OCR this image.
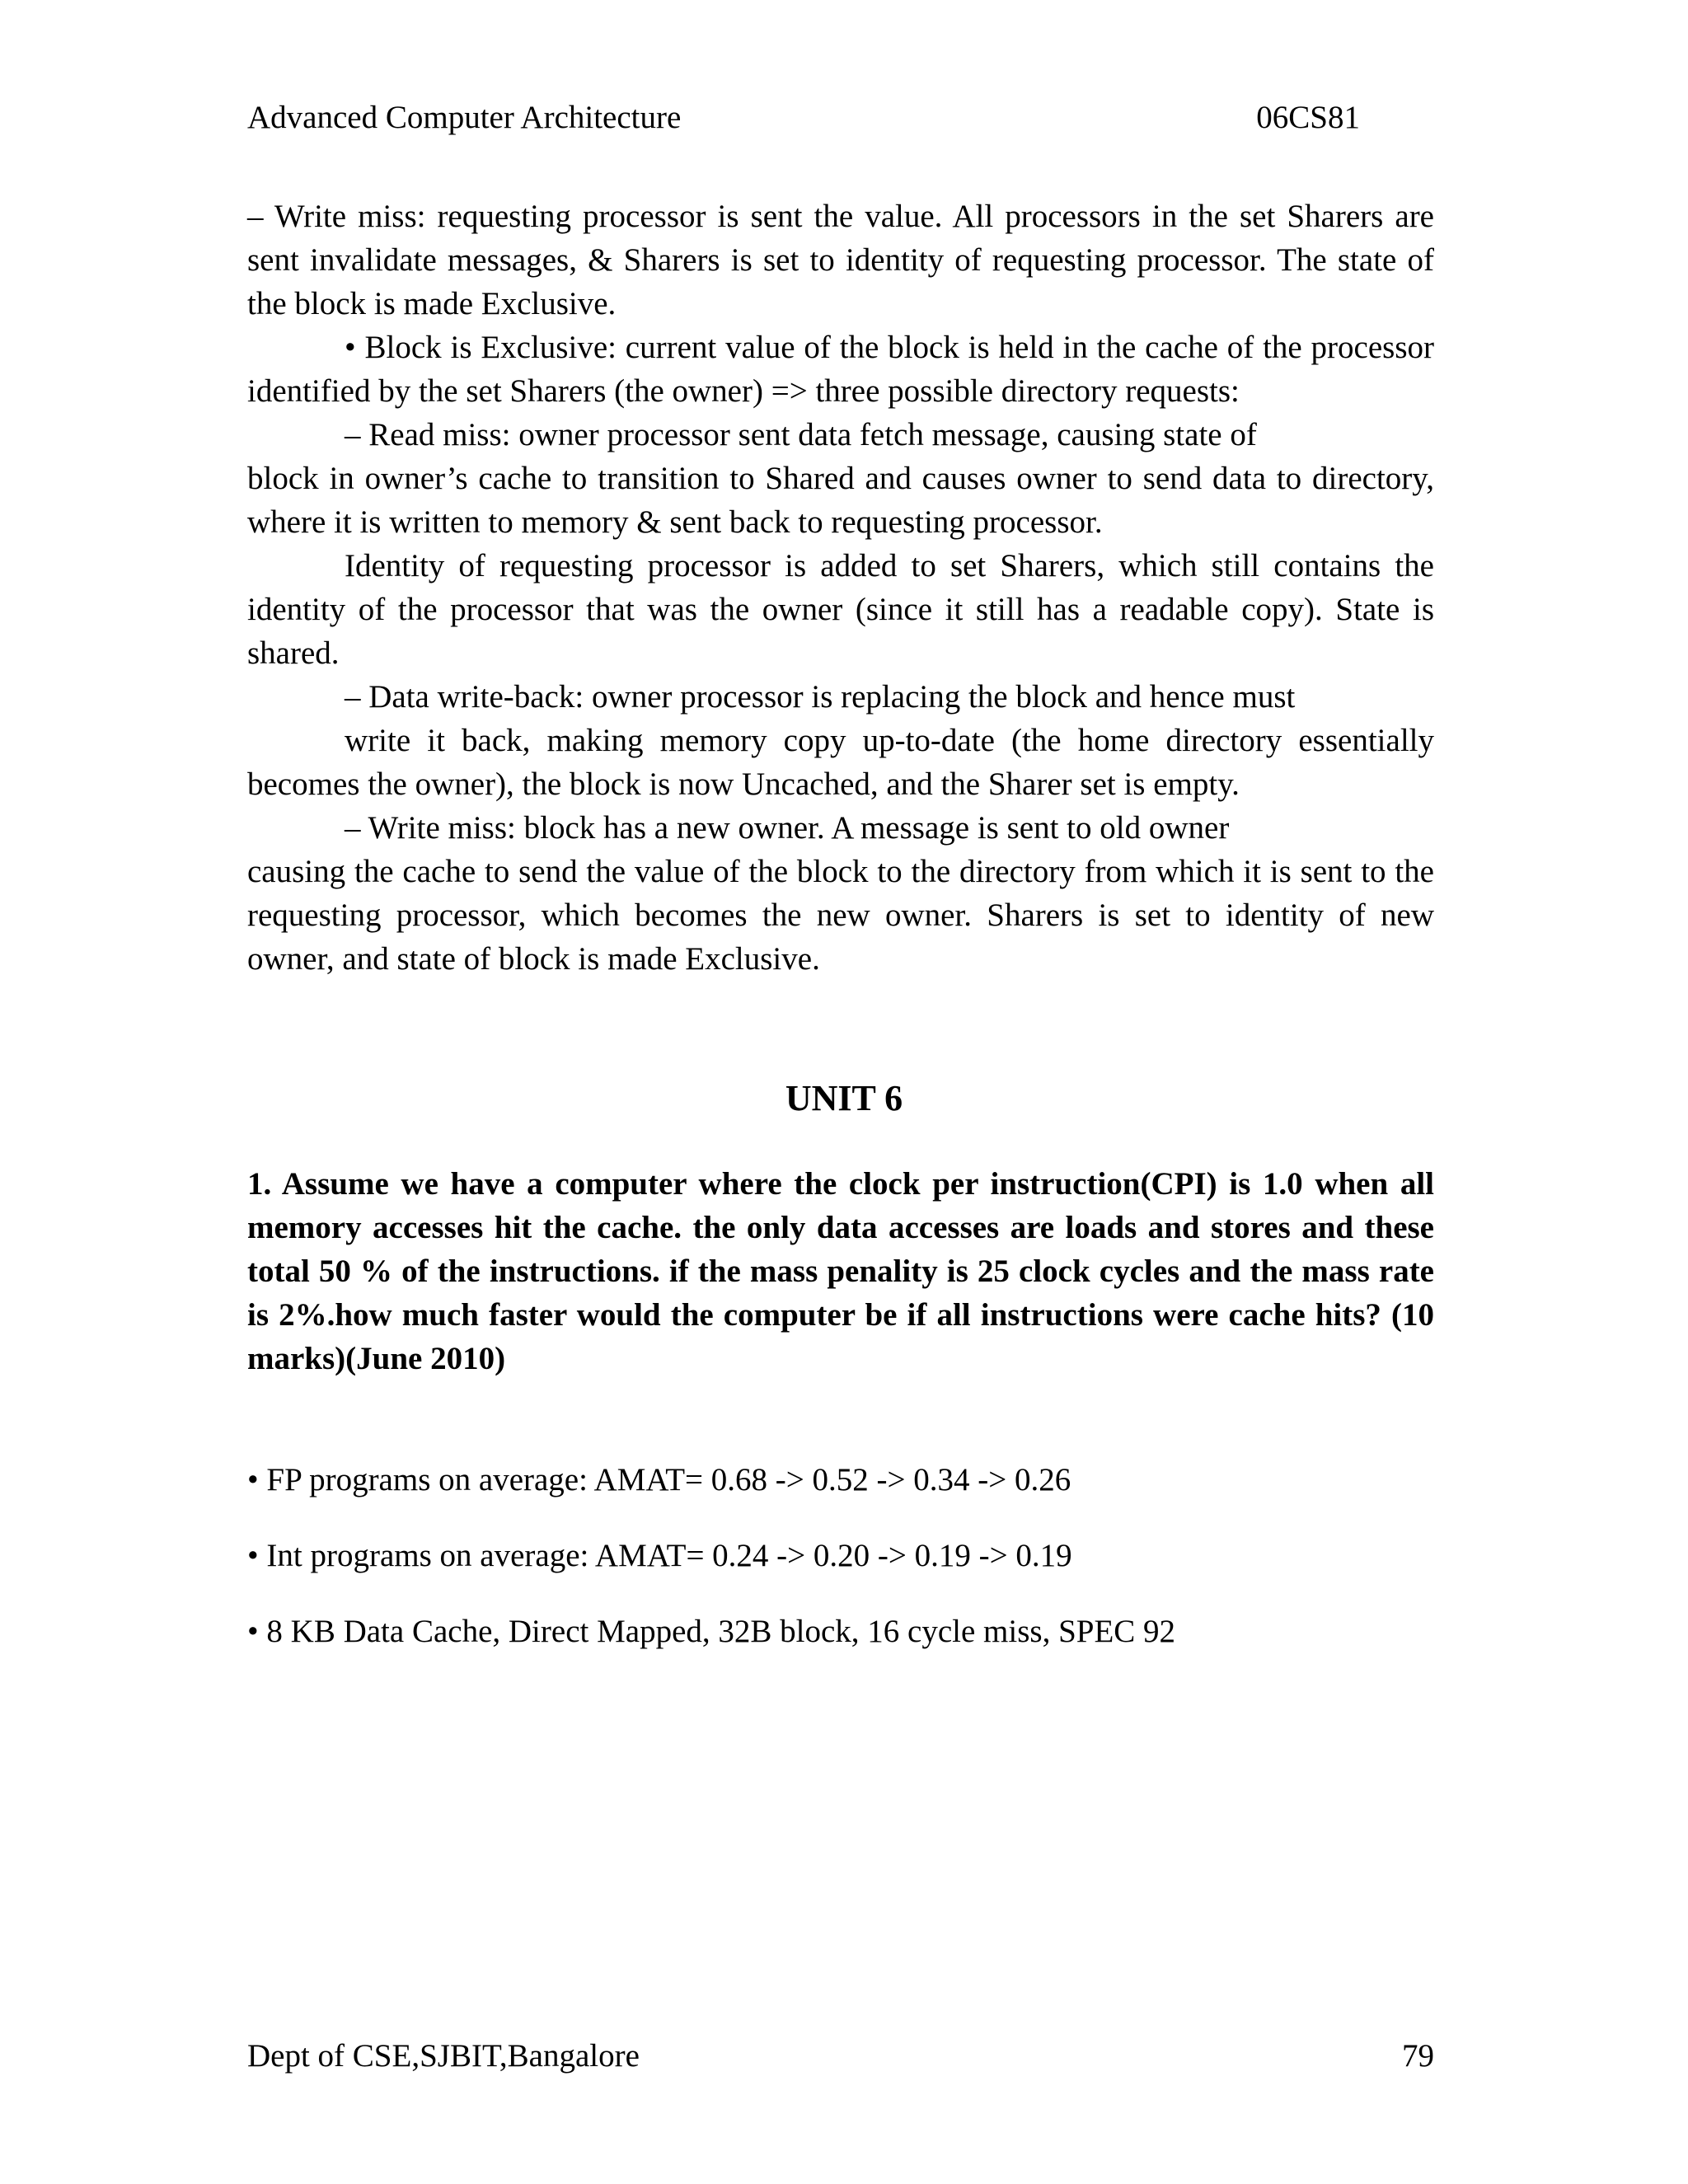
Advanced Computer Architecture	06CS81

– Write miss: requesting processor is sent the value. All processors in the set Sharers are sent invalidate messages, & Sharers is set to identity of requesting processor. The state of the block is made Exclusive.

• Block is Exclusive: current value of the block is held in the cache of the processor identified by the set Sharers (the owner) => three possible directory requests:

– Read miss: owner processor sent data fetch message, causing state of

block in owner’s cache to transition to Shared and causes owner to send data to directory, where it is written to memory & sent back to requesting processor.

Identity of requesting processor is added to set Sharers, which still contains the identity of the processor that was the owner (since it still has a readable copy). State is shared.

– Data write-back: owner processor is replacing the block and hence must

write it back, making memory copy up-to-date (the home directory essentially becomes the owner), the block is now Uncached, and the Sharer set is empty.

– Write miss: block has a new owner. A message is sent to old owner

causing the cache to send the value of the block to the directory from which it is sent to the requesting processor, which becomes the new owner. Sharers is set to identity of new owner, and state of block is made Exclusive.

UNIT 6

1. Assume we have a computer where the clock per instruction(CPI) is 1.0 when all memory accesses hit the cache. the only data accesses are loads and stores and these total 50 % of the instructions. if the mass penality is 25 clock cycles and the mass rate is 2%.how much faster would the computer be if all instructions were cache hits? (10 marks)(June 2010)

• FP programs on average: AMAT= 0.68 -> 0.52 -> 0.34 -> 0.26
• Int programs on average: AMAT= 0.24 -> 0.20 -> 0.19 -> 0.19
• 8 KB Data Cache, Direct Mapped, 32B block, 16 cycle miss, SPEC 92
Dept of CSE,SJBIT,Bangalore	79
